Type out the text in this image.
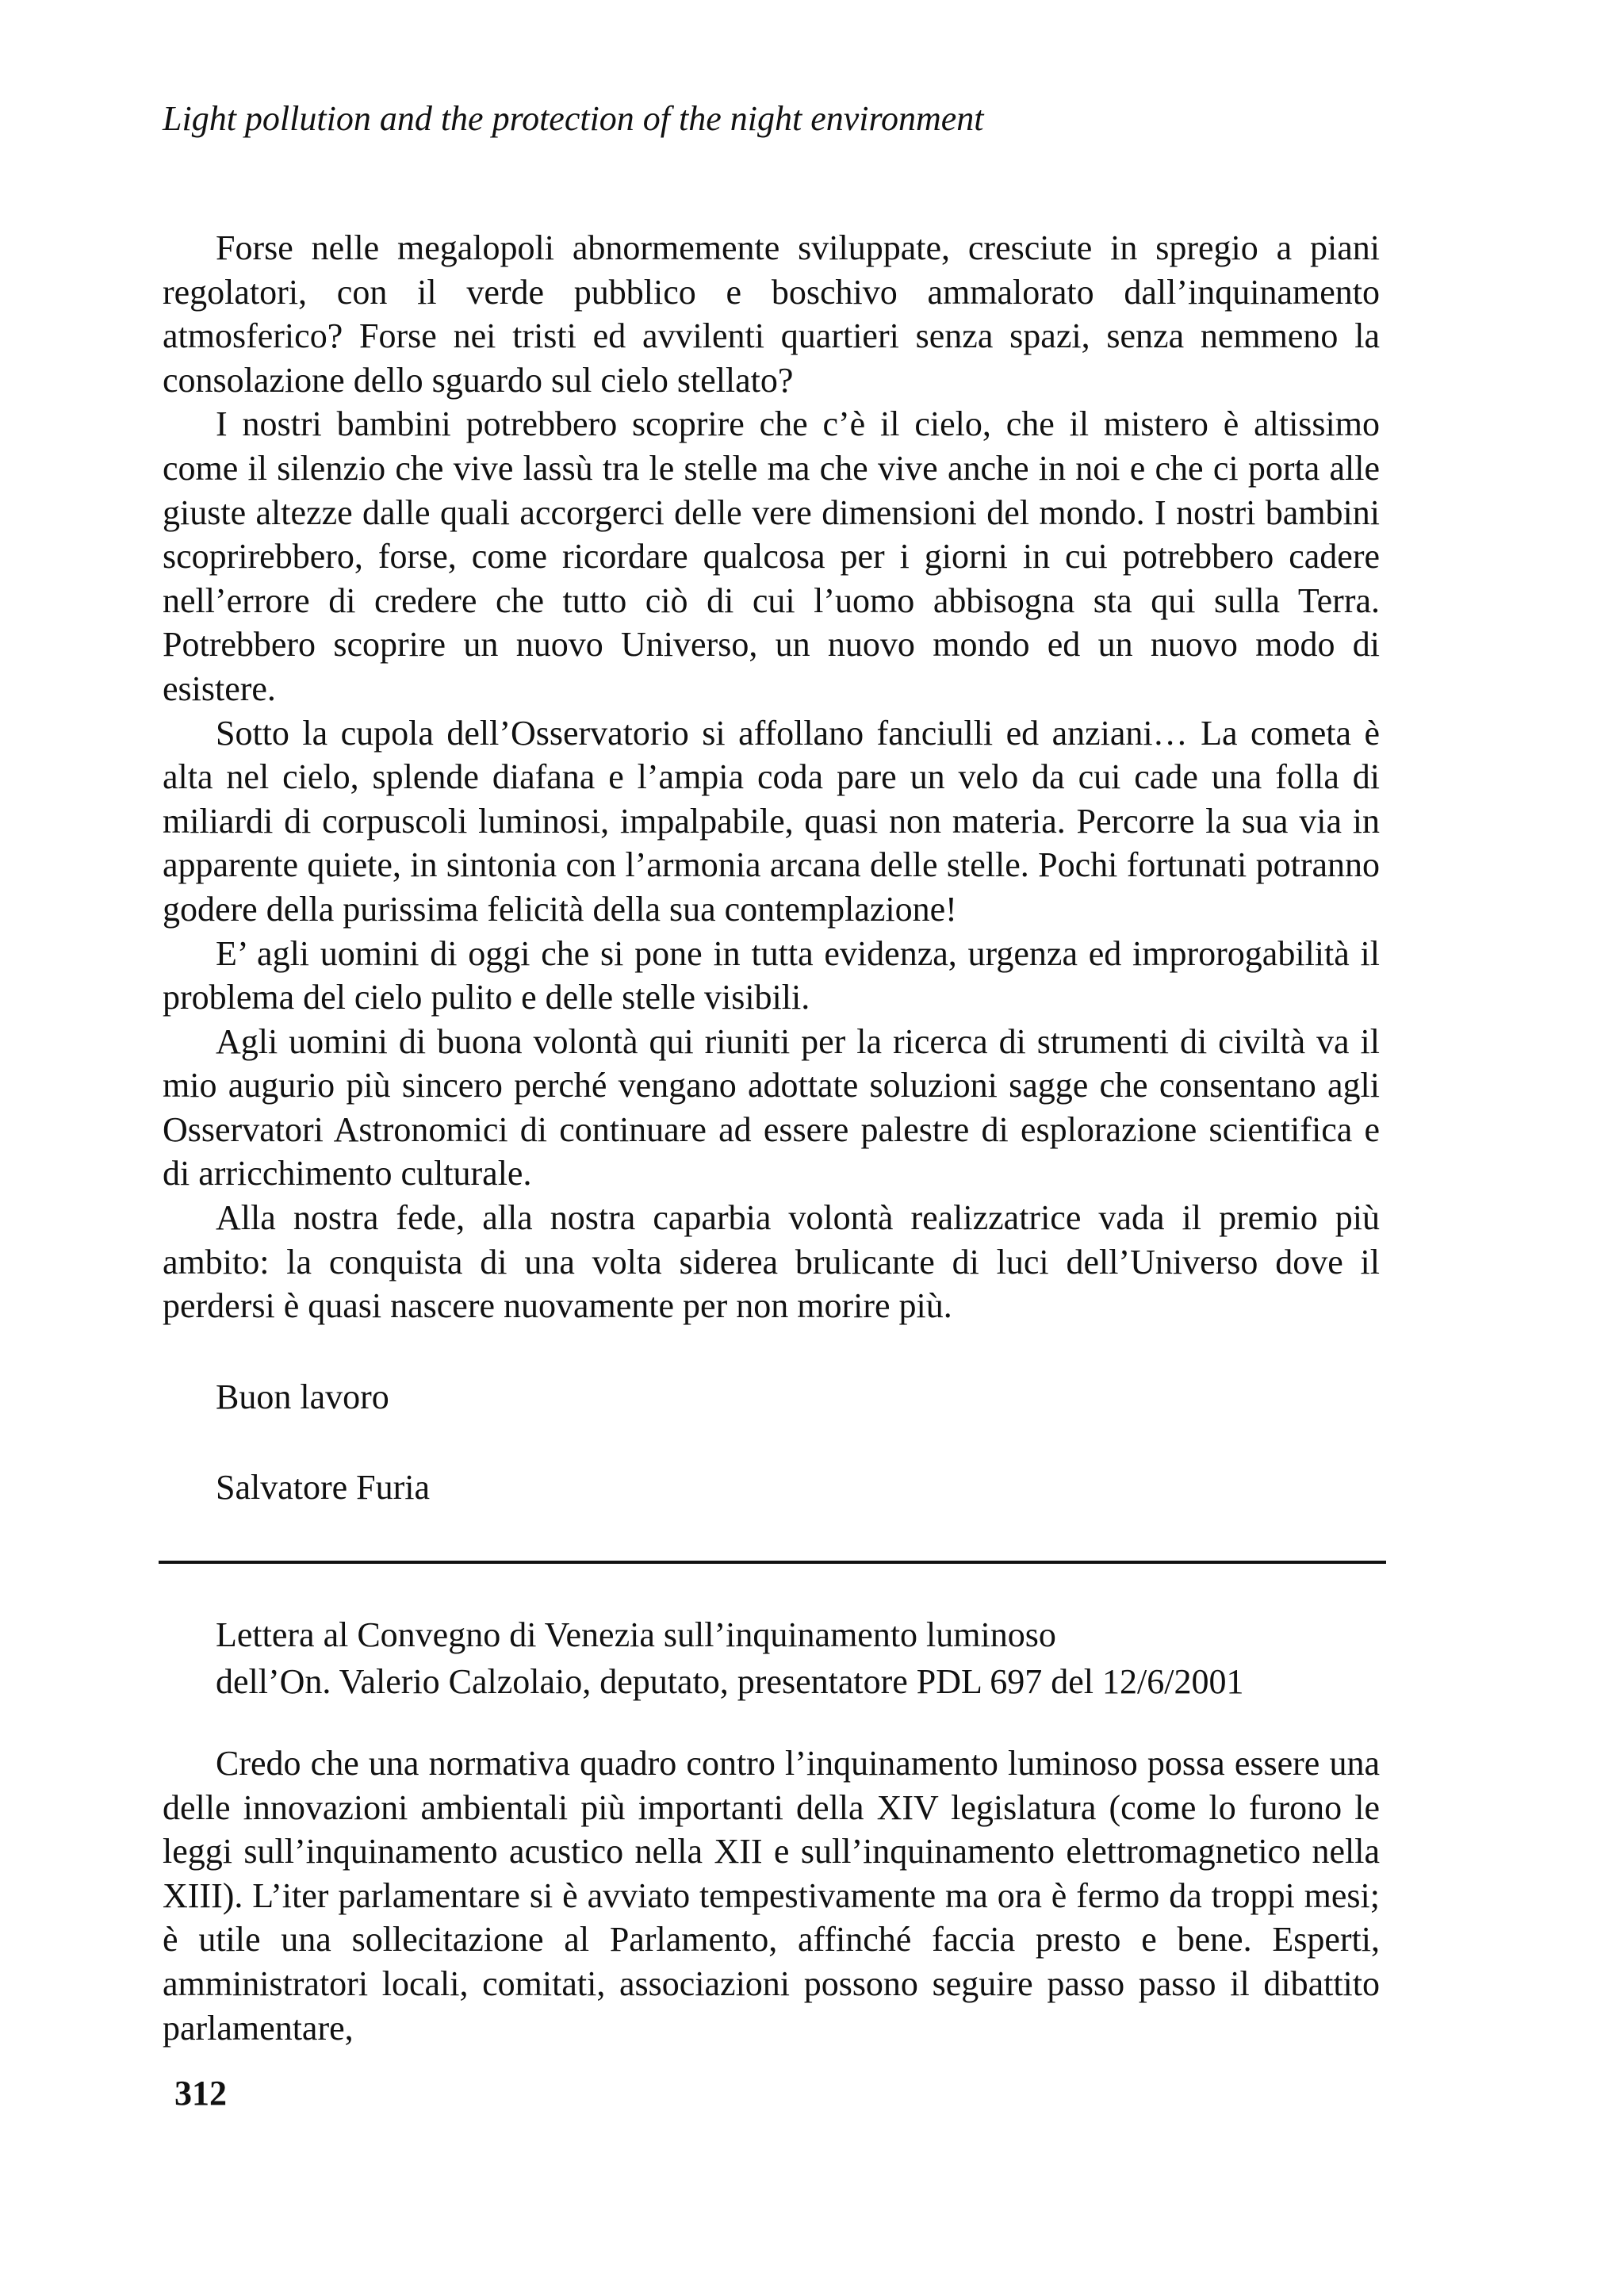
Light pollution and the protection of the night environment

Forse nelle megalopoli abnormemente sviluppate, cresciute in spregio a piani regolatori, con il verde pubblico e boschivo ammalorato dall’inquinamento atmosferico? Forse nei tristi ed avvilenti quartieri senza spazi, senza nemmeno la consolazione dello sguardo sul cielo stellato?

I nostri bambini potrebbero scoprire che c’è il cielo, che il mistero è altissimo come il silenzio che vive lassù tra le stelle ma che vive anche in noi e che ci porta alle giuste altezze dalle quali accorgerci delle vere dimensioni del mondo. I nostri bambini scoprirebbero, forse, come ricordare qualcosa per i giorni in cui potrebbero cadere nell’errore di credere che tutto ciò di cui l’uomo abbisogna sta qui sulla Terra. Potrebbero scoprire un nuovo Universo, un nuovo mondo ed un nuovo modo di esistere.

Sotto la cupola dell’Osservatorio si affollano fanciulli ed anziani… La cometa è alta nel cielo, splende diafana e l’ampia coda pare un velo da cui cade una folla di miliardi di corpuscoli luminosi, impalpabile, quasi non materia. Percorre la sua via in apparente quiete, in sintonia con l’armonia arcana delle stelle. Pochi fortunati potranno godere della purissima felicità della sua contemplazione!

E’ agli uomini di oggi che si pone in tutta evidenza, urgenza ed improrogabilità il problema del cielo pulito e delle stelle visibili.

Agli uomini di buona volontà qui riuniti per la ricerca di strumenti di civiltà va il mio augurio più sincero perché vengano adottate soluzioni sagge che consentano agli Osservatori Astronomici di continuare ad essere palestre di esplorazione scientifica e di arricchimento culturale.

Alla nostra fede, alla nostra caparbia volontà realizzatrice vada il premio più ambito: la conquista di una volta siderea brulicante di luci dell’Universo dove il perdersi è quasi nascere nuovamente per non morire più.

Buon lavoro
Salvatore Furia
Lettera al Convegno di Venezia sull’inquinamento luminoso
dell’On. Valerio Calzolaio, deputato, presentatore PDL 697 del 12/6/2001

Credo che una normativa quadro contro l’inquinamento luminoso possa essere una delle innovazioni ambientali più importanti della XIV legislatura (come lo furono le leggi sull’inquinamento acustico nella XII e sull’inquinamento elettromagnetico nella XIII). L’iter parlamentare si è avviato tempestivamente ma ora è fermo da troppi mesi; è utile una sollecitazione al Parlamento, affinché faccia presto e bene. Esperti, amministratori locali, comitati, associazioni possono seguire passo passo il dibattito parlamentare,

312
